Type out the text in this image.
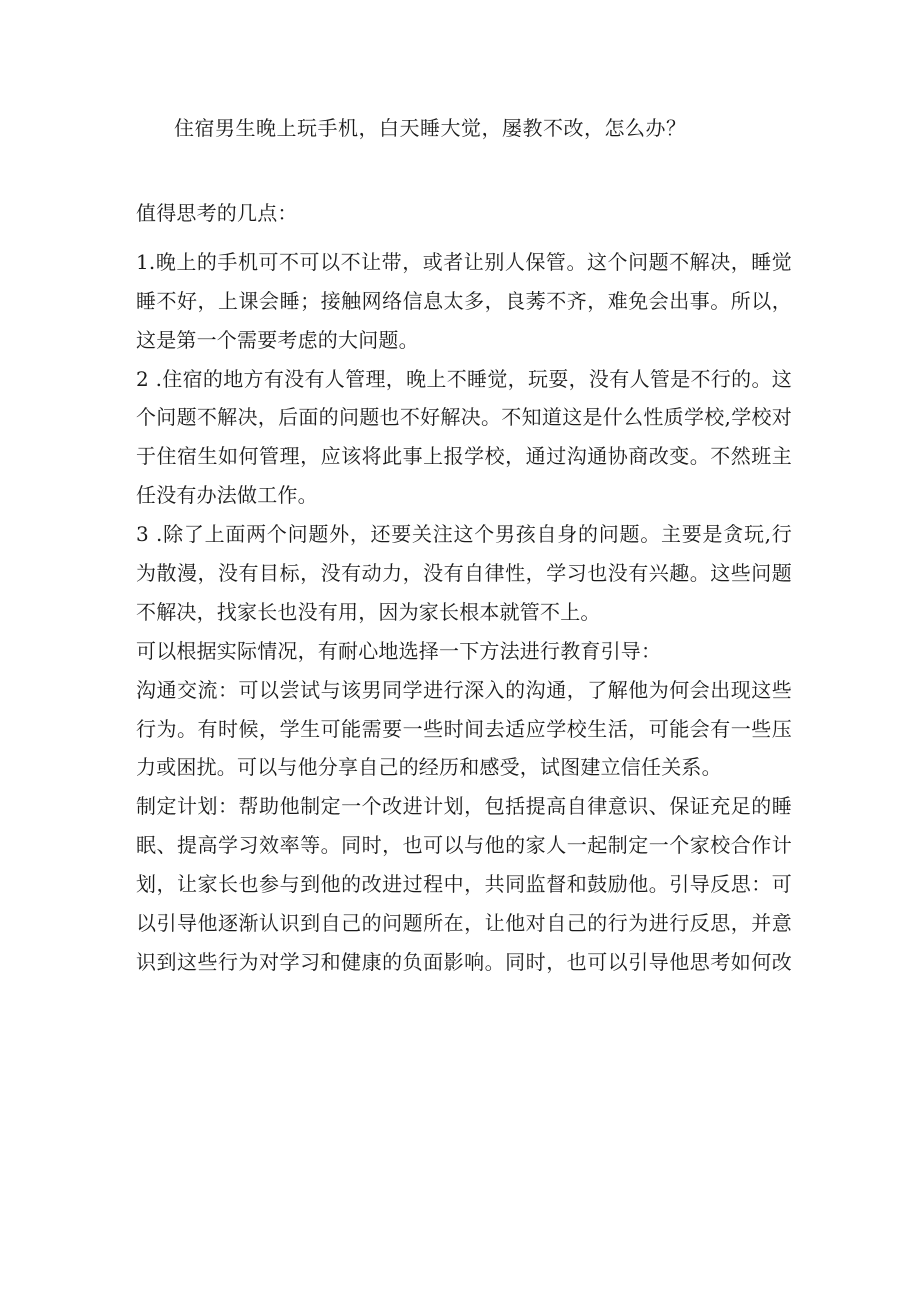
住宿男生晚上玩手机，白天睡大觉，屡教不改，怎么办？
值得思考的几点：
1.晚上的手机可不可以不让带，或者让别人保管。这个问题不解决，睡觉
睡不好，上课会睡；接触网络信息太多，良莠不齐，难免会出事。所以，
这是第一个需要考虑的大问题。
2 .住宿的地方有没有人管理，晚上不睡觉，玩耍，没有人管是不行的。这
个问题不解决，后面的问题也不好解决。不知道这是什么性质学校,学校对
于住宿生如何管理，应该将此事上报学校，通过沟通协商改变。不然班主
任没有办法做工作。
3 .除了上面两个问题外，还要关注这个男孩自身的问题。主要是贪玩,行
为散漫，没有目标，没有动力，没有自律性，学习也没有兴趣。这些问题
不解决，找家长也没有用，因为家长根本就管不上。
可以根据实际情况，有耐心地选择一下方法进行教育引导：
沟通交流：可以尝试与该男同学进行深入的沟通，了解他为何会出现这些
行为。有时候，学生可能需要一些时间去适应学校生活，可能会有一些压
力或困扰。可以与他分享自己的经历和感受，试图建立信任关系。
制定计划：帮助他制定一个改进计划，包括提高自律意识、保证充足的睡
眠、提高学习效率等。同时，也可以与他的家人一起制定一个家校合作计
划，让家长也参与到他的改进过程中，共同监督和鼓励他。引导反思：可
以引导他逐渐认识到自己的问题所在，让他对自己的行为进行反思，并意
识到这些行为对学习和健康的负面影响。同时，也可以引导他思考如何改
